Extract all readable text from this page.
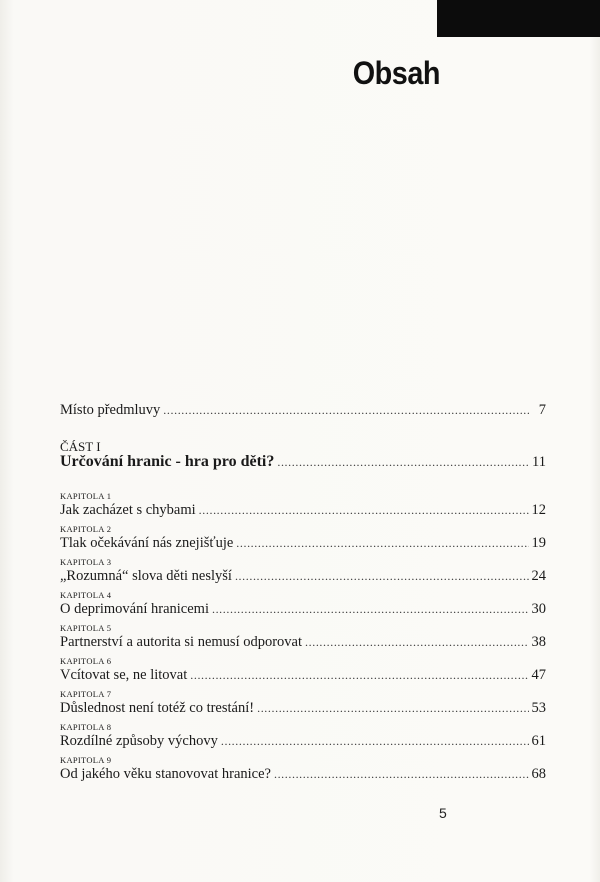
Obsah
Místo předmluvy .....	7
ČÁST I
Určování hranic - hra pro děti? .....	11
KAPITOLA 1
Jak zacházet s chybami .....	12
KAPITOLA 2
Tlak očekávání nás znejišťuje .....	19
KAPITOLA 3
„Rozumná“ slova děti neslyší .....	24
KAPITOLA 4
O deprimování hranicemi .....	30
KAPITOLA 5
Partnerství a autorita si nemusí odporovat .....	38
KAPITOLA 6
Vcítovat se, ne litovat .....	47
KAPITOLA 7
Důslednost není totéž co trestání! .....	53
KAPITOLA 8
Rozdílné způsoby výchovy .....	61
KAPITOLA 9
Od jakého věku stanovovat hranice? .....	68
5
